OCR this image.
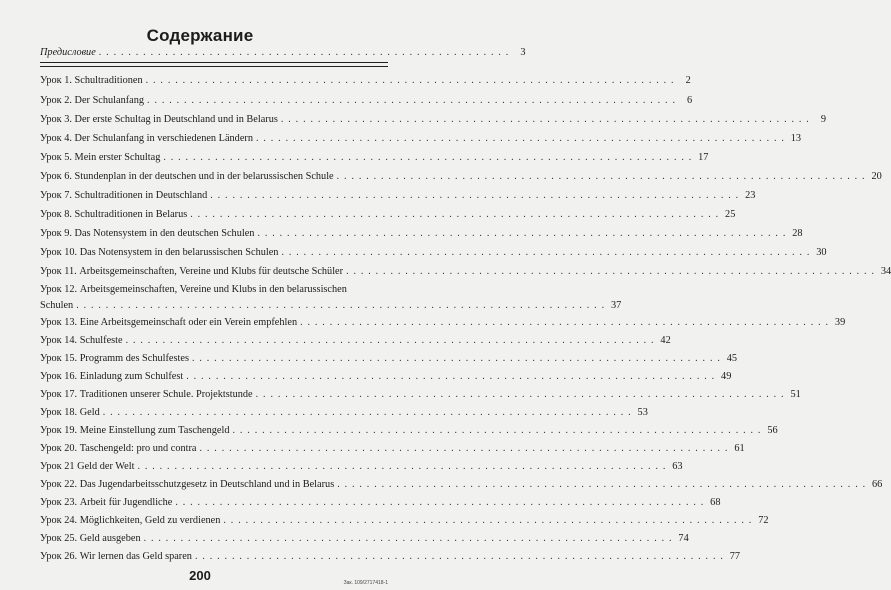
Содержание
Предисловие . . . . . . . . . . . . . . . . . . . . . . . . . . . . . . . . . . . . . . . . . . . . . . . . . . . . . . . .	3
Урок 1. Schultraditionen . . . . . . . . . . . . . . . . . . . . . . . . . . . . . . . . . . . . . . . . . . . . . . . . . . . . . . . . . . . . . . . . . . . . . . . .	2
Урок 2. Der Schulanfang . . . . . . . . . . . . . . . . . . . . . . . . . . . . . . . . . . . . . . . . . . . . . . . . . . . . . . . . . . . . . . . . . . . . . . . .	6
Урок 3. Der erste Schultag in Deutschland und in Belarus . . . . . . . . . . . . . . . . . . . . . . . . . . . . . . . . . . . . . . . . . . . . . . . . . . . . . . . . . . . . . . . . . . . . . . . .	9
Урок 4. Der Schulanfang in verschiedenen Ländern . . . . . . . . . . . . . . . . . . . . . . . . . . . . . . . . . . . . . . . . . . . . . . . . . . . . . . . . . . . . . . . . . . . . . . . . 13
Урок 5. Mein erster Schultag . . . . . . . . . . . . . . . . . . . . . . . . . . . . . . . . . . . . . . . . . . . . . . . . . . . . . . . . . . . . . . . . . . . . . . . . 17
Урок 6. Stundenplan in der deutschen und in der belarussischen Schule . . . . . . . . . . . . . . . . . . . . . . . . . . . . . . . . . . . . . . . . . . . . . . . . . . . . . . . . . . . . . . . . . . . . . . . . 20
Урок 7. Schultraditionen in Deutschland . . . . . . . . . . . . . . . . . . . . . . . . . . . . . . . . . . . . . . . . . . . . . . . . . . . . . . . . . . . . . . . . . . . . . . . . 23
Урок 8. Schultraditionen in Belarus . . . . . . . . . . . . . . . . . . . . . . . . . . . . . . . . . . . . . . . . . . . . . . . . . . . . . . . . . . . . . . . . . . . . . . . . 25
Урок 9. Das Notensystem in den deutschen Schulen . . . . . . . . . . . . . . . . . . . . . . . . . . . . . . . . . . . . . . . . . . . . . . . . . . . . . . . . . . . . . . . . . . . . . . . . 28
Урок 10. Das Notensystem in den belarussischen Schulen . . . . . . . . . . . . . . . . . . . . . . . . . . . . . . . . . . . . . . . . . . . . . . . . . . . . . . . . . . . . . . . . . . . . . . . . 30
Урок 11. Arbeitsgemeinschaften, Vereine und Klubs für deutsche Schüler . . . . . . . . . . . . . . . . . . . . . . . . . . . . . . . . . . . . . . . . . . . . . . . . . . . . . . . . . . . . . . . . . . . . . . . . 34
Урок 12. Arbeitsgemeinschaften, Vereine und Klubs in den belarussischen
Schulen . . . . . . . . . . . . . . . . . . . . . . . . . . . . . . . . . . . . . . . . . . . . . . . . . . . . . . . . . . . . . . . . . . . . . . . . 37
Урок 13. Eine Arbeitsgemeinschaft oder ein Verein empfehlen . . . . . . . . . . . . . . . . . . . . . . . . . . . . . . . . . . . . . . . . . . . . . . . . . . . . . . . . . . . . . . . . . . . . . . . . 39
Урок 14. Schulfeste . . . . . . . . . . . . . . . . . . . . . . . . . . . . . . . . . . . . . . . . . . . . . . . . . . . . . . . . . . . . . . . . . . . . . . . . 42
Урок 15. Programm des Schulfestes . . . . . . . . . . . . . . . . . . . . . . . . . . . . . . . . . . . . . . . . . . . . . . . . . . . . . . . . . . . . . . . . . . . . . . . . 45
Урок 16. Einladung zum Schulfest . . . . . . . . . . . . . . . . . . . . . . . . . . . . . . . . . . . . . . . . . . . . . . . . . . . . . . . . . . . . . . . . . . . . . . . . 49
Урок 17. Traditionen unserer Schule. Projektstunde . . . . . . . . . . . . . . . . . . . . . . . . . . . . . . . . . . . . . . . . . . . . . . . . . . . . . . . . . . . . . . . . . . . . . . . . 51
Урок 18. Geld . . . . . . . . . . . . . . . . . . . . . . . . . . . . . . . . . . . . . . . . . . . . . . . . . . . . . . . . . . . . . . . . . . . . . . . . 53
Урок 19. Meine Einstellung zum Taschengeld . . . . . . . . . . . . . . . . . . . . . . . . . . . . . . . . . . . . . . . . . . . . . . . . . . . . . . . . . . . . . . . . . . . . . . . . 56
Урок 20. Taschengeld: pro und contra . . . . . . . . . . . . . . . . . . . . . . . . . . . . . . . . . . . . . . . . . . . . . . . . . . . . . . . . . . . . . . . . . . . . . . . . 61
Урок 21 Geld der Welt . . . . . . . . . . . . . . . . . . . . . . . . . . . . . . . . . . . . . . . . . . . . . . . . . . . . . . . . . . . . . . . . . . . . . . . . 63
Урок 22. Das Jugendarbeitsschutzgesetz in Deutschland und in Belarus . . . . . . . . . . . . . . . . . . . . . . . . . . . . . . . . . . . . . . . . . . . . . . . . . . . . . . . . . . . . . . . . . . . . . . . . 66
Урок 23. Arbeit für Jugendliche . . . . . . . . . . . . . . . . . . . . . . . . . . . . . . . . . . . . . . . . . . . . . . . . . . . . . . . . . . . . . . . . . . . . . . . . 68
Урок 24. Möglichkeiten, Geld zu verdienen . . . . . . . . . . . . . . . . . . . . . . . . . . . . . . . . . . . . . . . . . . . . . . . . . . . . . . . . . . . . . . . . . . . . . . . . 72
Урок 25. Geld ausgeben . . . . . . . . . . . . . . . . . . . . . . . . . . . . . . . . . . . . . . . . . . . . . . . . . . . . . . . . . . . . . . . . . . . . . . . . 74
Урок 26. Wir lernen das Geld sparen . . . . . . . . . . . . . . . . . . . . . . . . . . . . . . . . . . . . . . . . . . . . . . . . . . . . . . . . . . . . . . . . . . . . . . . . 77
200	Зак. 109/2717418-1
